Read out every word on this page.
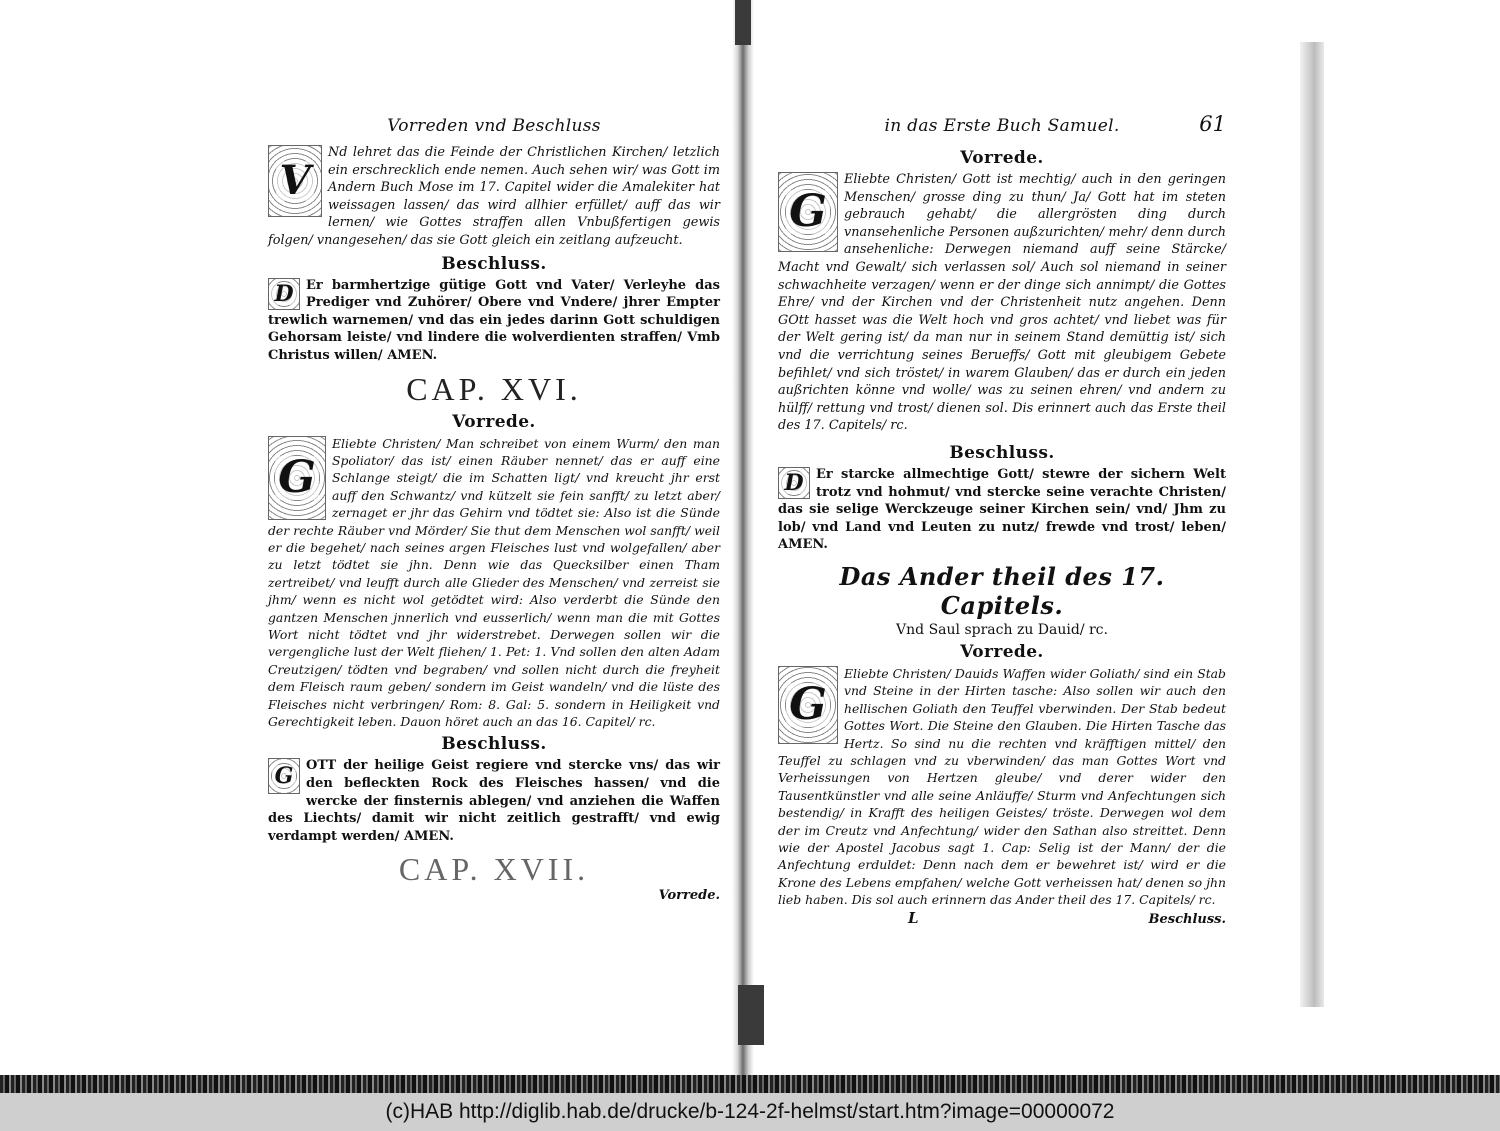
Vorreden vnd Beschluss
V

Nd lehret das die Feinde der Christlichen Kirchen/ letzlich ein erschrecklich ende nemen. Auch sehen wir/ was Gott im Andern Buch Mose im 17. Capitel wider die Amalekiter hat weissagen lassen/ das wird allhier erfüllet/ auff das wir lernen/ wie Gottes straffen allen Vnbußfertigen gewis folgen/ vnangesehen/ das sie Gott gleich ein zeitlang aufzeucht.

Beschluss.
D Er barmhertzige gütige Gott vnd Vater/ Verleyhe das Prediger vnd Zuhörer/ Obere vnd Vndere/ jhrer Empter trewlich warnemen/ vnd das ein jedes darinn Gott schuldigen Gehorsam leiste/ vnd lindere die wolverdienten straffen/ Vmb Christus willen/ AMEN.

CAP. XVI.
Vorrede.
G

Eliebte Christen/ Man schreibet von einem Wurm/ den man Spoliator/ das ist/ einen Räuber nennet/ das er auff eine Schlange steigt/ die im Schatten ligt/ vnd kreucht jhr erst auff den Schwantz/ vnd kützelt sie fein sanfft/ zu letzt aber/ zernaget er jhr das Gehirn vnd tödtet sie: Also ist die Sünde der rechte Räuber vnd Mörder/ Sie thut dem Menschen wol sanfft/ weil er die begehet/ nach seines argen Fleisches lust vnd wolgefallen/ aber zu letzt tödtet sie jhn. Denn wie das Quecksilber einen Tham zertreibet/ vnd leufft durch alle Glieder des Menschen/ vnd zerreist sie jhm/ wenn es nicht wol getödtet wird: Also verderbt die Sünde den gantzen Menschen jnnerlich vnd eusserlich/ wenn man die mit Gottes Wort nicht tödtet vnd jhr widerstrebet. Derwegen sollen wir die vergengliche lust der Welt fliehen/ 1. Pet: 1. Vnd sollen den alten Adam Creutzigen/ tödten vnd begraben/ vnd sollen nicht durch die freyheit dem Fleisch raum geben/ sondern im Geist wandeln/ vnd die lüste des Fleisches nicht verbringen/ Rom: 8. Gal: 5. sondern in Heiligkeit vnd Gerechtigkeit leben. Dauon höret auch an das 16. Capitel/ rc.

Beschluss.
G OTT der heilige Geist regiere vnd stercke vns/ das wir den befleckten Rock des Fleisches hassen/ vnd die wercke der finsternis ablegen/ vnd anziehen die Waffen des Liechts/ damit wir nicht zeitlich gestrafft/ vnd ewig verdampt werden/ AMEN.

CAP. XVII.
Vorrede.
in das Erste Buch Samuel.	61
Vorrede.
G

Eliebte Christen/ Gott ist mechtig/ auch in den geringen Menschen/ grosse ding zu thun/ Ja/ Gott hat im steten gebrauch gehabt/ die allergrösten ding durch vnansehenliche Personen außzurichten/ mehr/ denn durch ansehenliche: Derwegen niemand auff seine Stärcke/ Macht vnd Gewalt/ sich verlassen sol/ Auch sol niemand in seiner schwachheite verzagen/ wenn er der dinge sich annimpt/ die Gottes Ehre/ vnd der Kirchen vnd der Christenheit nutz angehen. Denn GOtt hasset was die Welt hoch vnd gros achtet/ vnd liebet was für der Welt gering ist/ da man nur in seinem Stand demüttig ist/ sich vnd die verrichtung seines Berueffs/ Gott mit gleubigem Gebete befihlet/ vnd sich tröstet/ in warem Glauben/ das er durch ein jeden außrichten könne vnd wolle/ was zu seinen ehren/ vnd andern zu hülff/ rettung vnd trost/ dienen sol. Dis erinnert auch das Erste theil des 17. Capitels/ rc.

Beschluss.
D Er starcke allmechtige Gott/ stewre der sichern Welt trotz vnd hohmut/ vnd stercke seine verachte Christen/ das sie selige Werckzeuge seiner Kirchen sein/ vnd/ Jhm zu lob/ vnd Land vnd Leuten zu nutz/ frewde vnd trost/ leben/ AMEN.

Das Ander theil des 17. Capitels.
Vnd Saul sprach zu Dauid/ rc.
Vorrede.
G

Eliebte Christen/ Dauids Waffen wider Goliath/ sind ein Stab vnd Steine in der Hirten tasche: Also sollen wir auch den hellischen Goliath den Teuffel vberwinden. Der Stab bedeut Gottes Wort. Die Steine den Glauben. Die Hirten Tasche das Hertz. So sind nu die rechten vnd kräfftigen mittel/ den Teuffel zu schlagen vnd zu vberwinden/ das man Gottes Wort vnd Verheissungen von Hertzen gleube/ vnd derer wider den Tausentkünstler vnd alle seine Anläuffe/ Sturm vnd Anfechtungen sich bestendig/ in Krafft des heiligen Geistes/ tröste. Derwegen wol dem der im Creutz vnd Anfechtung/ wider den Sathan also streittet. Denn wie der Apostel Jacobus sagt 1. Cap: Selig ist der Mann/ der die Anfechtung erduldet: Denn nach dem er bewehret ist/ wird er die Krone des Lebens empfahen/ welche Gott verheissen hat/ denen so jhn lieb haben. Dis sol auch erinnern das Ander theil des 17. Capitels/ rc.

L	Beschluss.
(c)HAB http://diglib.hab.de/drucke/b-124-2f-helmst/start.htm?image=00000072
